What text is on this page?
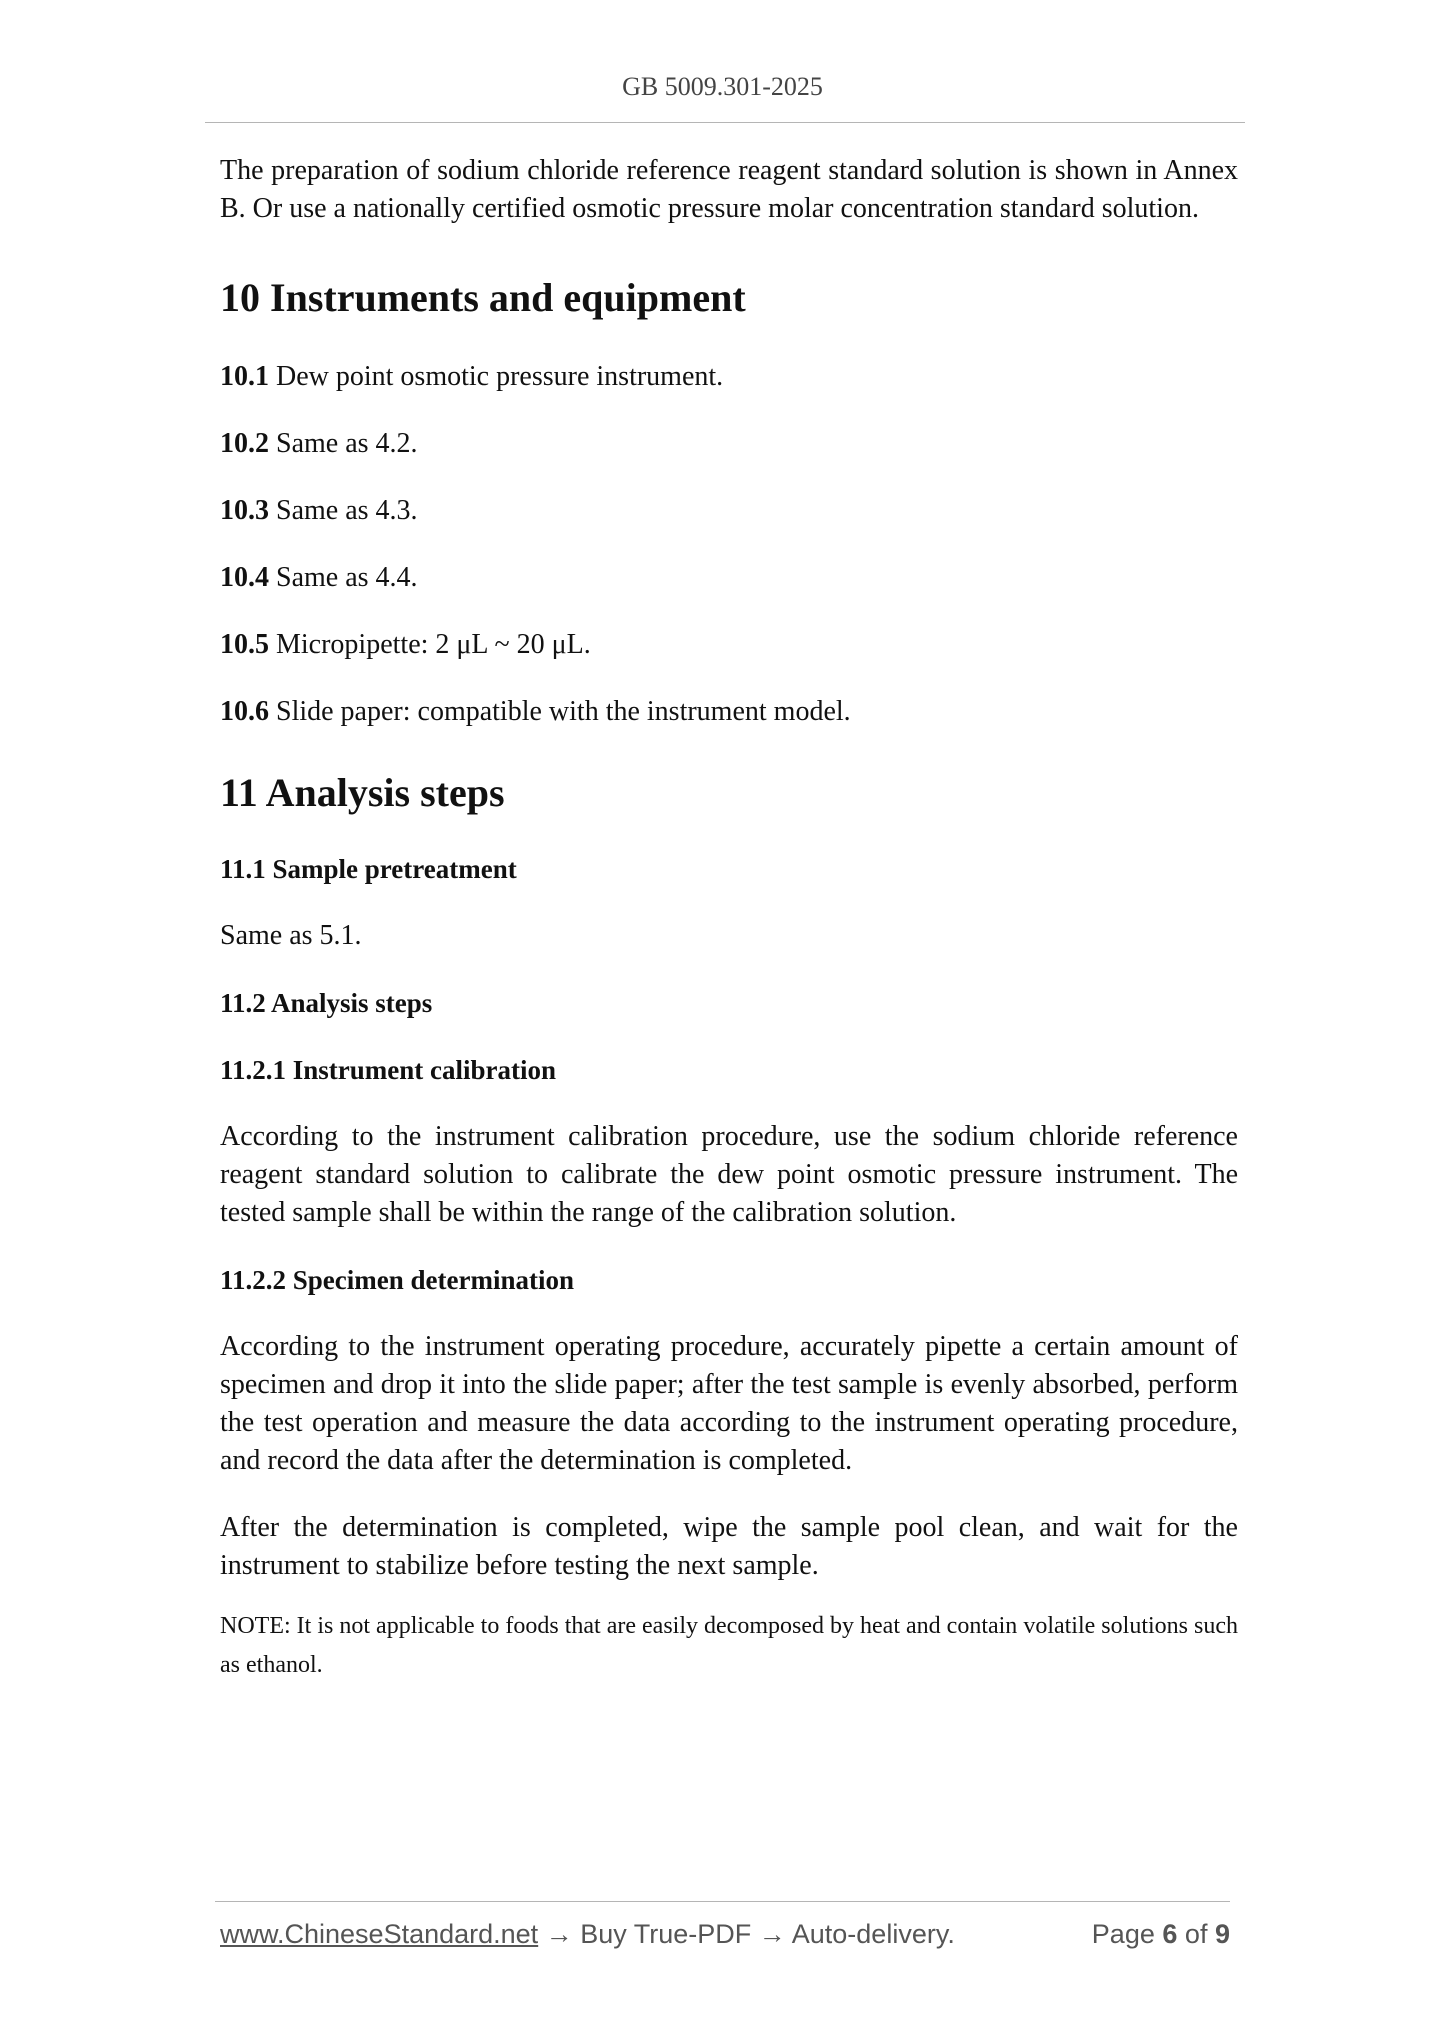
GB 5009.301-2025

The preparation of sodium chloride reference reagent standard solution is shown in Annex B. Or use a nationally certified osmotic pressure molar concentration standard solution.

10 Instruments and equipment

10.1 Dew point osmotic pressure instrument.

10.2 Same as 4.2.

10.3 Same as 4.3.

10.4 Same as 4.4.

10.5 Micropipette: 2 μL ~ 20 μL.

10.6 Slide paper: compatible with the instrument model.

11 Analysis steps
11.1 Sample pretreatment

Same as 5.1.

11.2 Analysis steps
11.2.1 Instrument calibration

According to the instrument calibration procedure, use the sodium chloride reference reagent standard solution to calibrate the dew point osmotic pressure instrument. The tested sample shall be within the range of the calibration solution.

11.2.2 Specimen determination

According to the instrument operating procedure, accurately pipette a certain amount of specimen and drop it into the slide paper; after the test sample is evenly absorbed, perform the test operation and measure the data according to the instrument operating procedure, and record the data after the determination is completed.

After the determination is completed, wipe the sample pool clean, and wait for the instrument to stabilize before testing the next sample.

NOTE: It is not applicable to foods that are easily decomposed by heat and contain volatile solutions such as ethanol.

www.ChineseStandard.net → Buy True-PDF → Auto-delivery.	Page 6 of 9
